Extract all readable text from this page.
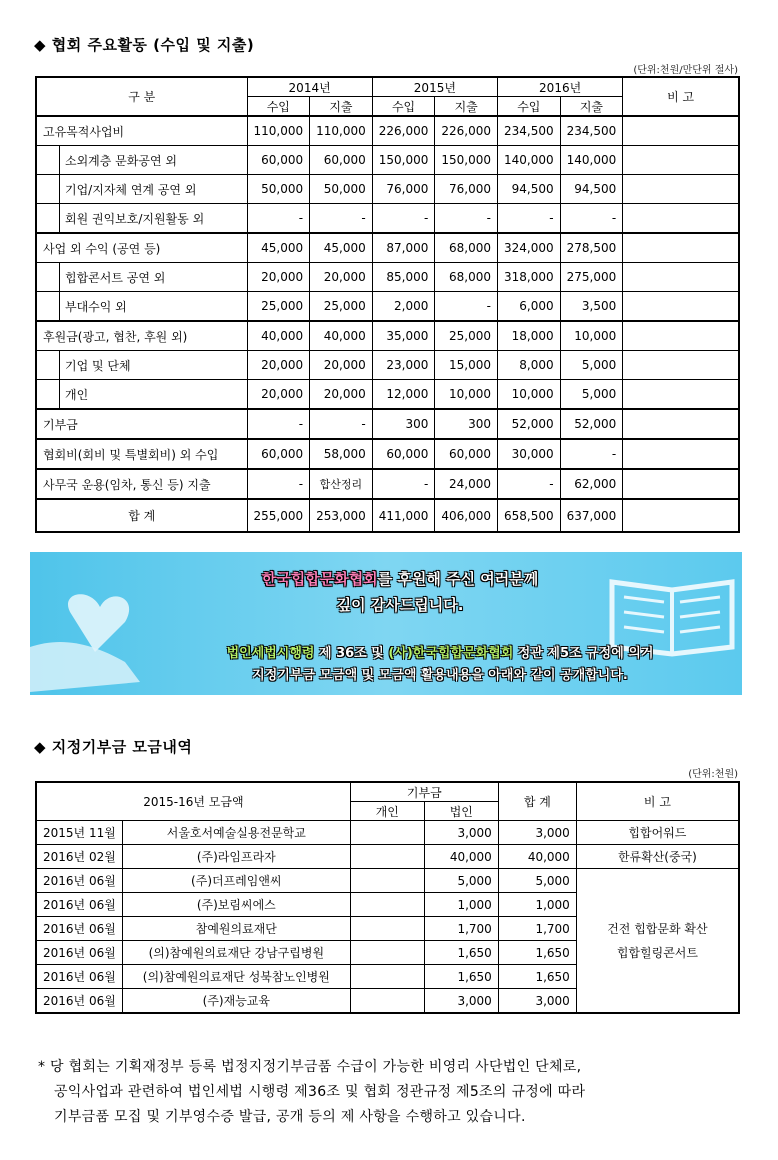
◆ 협회 주요활동 (수입 및 지출)
(단위:천원/만단위 절사)
구 분	2014년		2015년		2016년		비 고
	수입	지출	수입	지출	수입	지출	
고유목적사업비	110,000	110,000	226,000	226,000	234,500	234,500	
소외계층 문화공연 외	60,000	60,000	150,000	150,000	140,000	140,000	
기업/지자체 연계 공연 외	50,000	50,000	76,000	76,000	94,500	94,500	
회원 권익보호/지원활동 외	-	-	-	-	-	-	
사업 외 수익 (공연 등)	45,000	45,000	87,000	68,000	324,000	278,500	
힙합콘서트 공연 외	20,000	20,000	85,000	68,000	318,000	275,000	
부대수익 외	25,000	25,000	2,000	-	6,000	3,500	
후원금(광고, 협찬, 후원 외)	40,000	40,000	35,000	25,000	18,000	10,000	
기업 및 단체	20,000	20,000	23,000	15,000	8,000	5,000	
개인	20,000	20,000	12,000	10,000	10,000	5,000	
기부금	-	-	300	300	52,000	52,000	
협회비(회비 및 특별회비) 외 수입	60,000	58,000	60,000	60,000	30,000	-	
사무국 운용(임차, 통신 등) 지출	-	합산정리	-	24,000	-	62,000	
합 계	255,000	253,000	411,000	406,000	658,500	637,000	
한국힙합문화협회를 후원해 주신 여러분께
깊이 감사드립니다.
법인세법시행령 제 36조 및 (사)한국힙합문화협회 정관 제5조 규정에 의거
지정기부금 모금액 및 모금액 활용내용을 아래와 같이 공개합니다.
◆ 지정기부금 모금내역
(단위:천원)
2015-16년 모금액		기부금		합 계	비 고
		개인	법인		
2015년 11월	서울호서예술실용전문학교		3,000	3,000	힙합어워드
2016년 02월	(주)라임프라자		40,000	40,000	한류확산(중국)
2016년 06월	(주)더프레임앤씨		5,000	5,000	건전 힙합문화 확산
힙합힐링콘서트

2016년 06월	(주)보림씨에스		1,000	1,000	
2016년 06월	참예원의료재단		1,700	1,700	
2016년 06월	(의)참예원의료재단 강남구립병원		1,650	1,650	
2016년 06월	(의)참예원의료재단 성북참노인병원		1,650	1,650	
2016년 06월	(주)재능교육		3,000	3,000	
* 당 협회는 기획재정부 등록 법정지정기부금품 수급이 가능한 비영리 사단법인 단체로,
공익사업과 관련하여 법인세법 시행령 제36조 및 협회 정관규정 제5조의 규정에 따라
기부금품 모집 및 기부영수증 발급, 공개 등의 제 사항을 수행하고 있습니다.
